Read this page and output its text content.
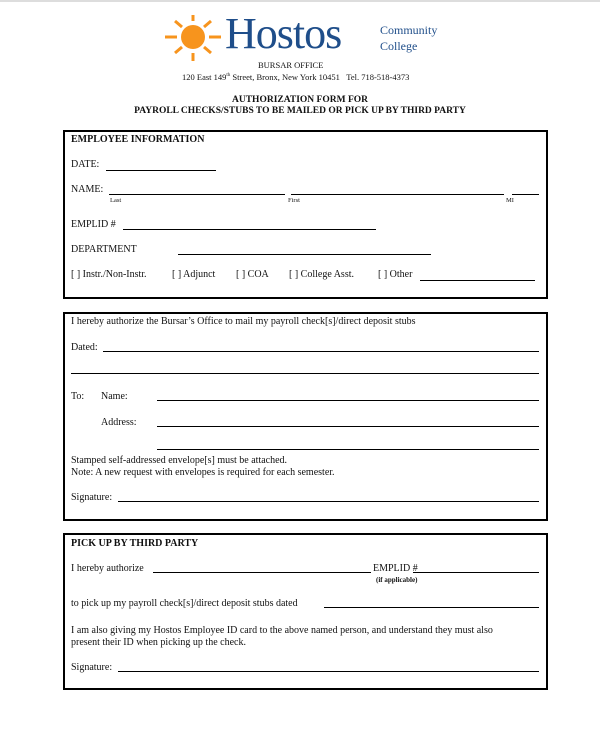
Hostos	Community
College
BURSAR OFFICE
120 East 149th Street, Bronx, New York 10451 Tel. 718-518-4373
AUTHORIZATION FORM FOR
PAYROLL CHECKS/STUBS TO BE MAILED OR PICK UP BY THIRD PARTY
EMPLOYEE INFORMATION
DATE:
NAME:
Last	First	MI
EMPLID #
DEPARTMENT
[ ] Instr./Non-Instr.	[ ] Adjunct [ ] COA [ ] College Asst. [ ] Other
I hereby authorize the Bursar’s Office to mail my payroll check[s]/direct deposit stubs
Dated:
To: Name:
Address:
Stamped self-addressed envelope[s] must be attached.
Note: A new request with envelopes is required for each semester.
Signature:
PICK UP BY THIRD PARTY
I hereby authorize	EMPLID #
(if applicable)
to pick up my payroll check[s]/direct deposit stubs dated
I am also giving my Hostos Employee ID card to the above named person, and understand they must also
present their ID when picking up the check.
Signature:
